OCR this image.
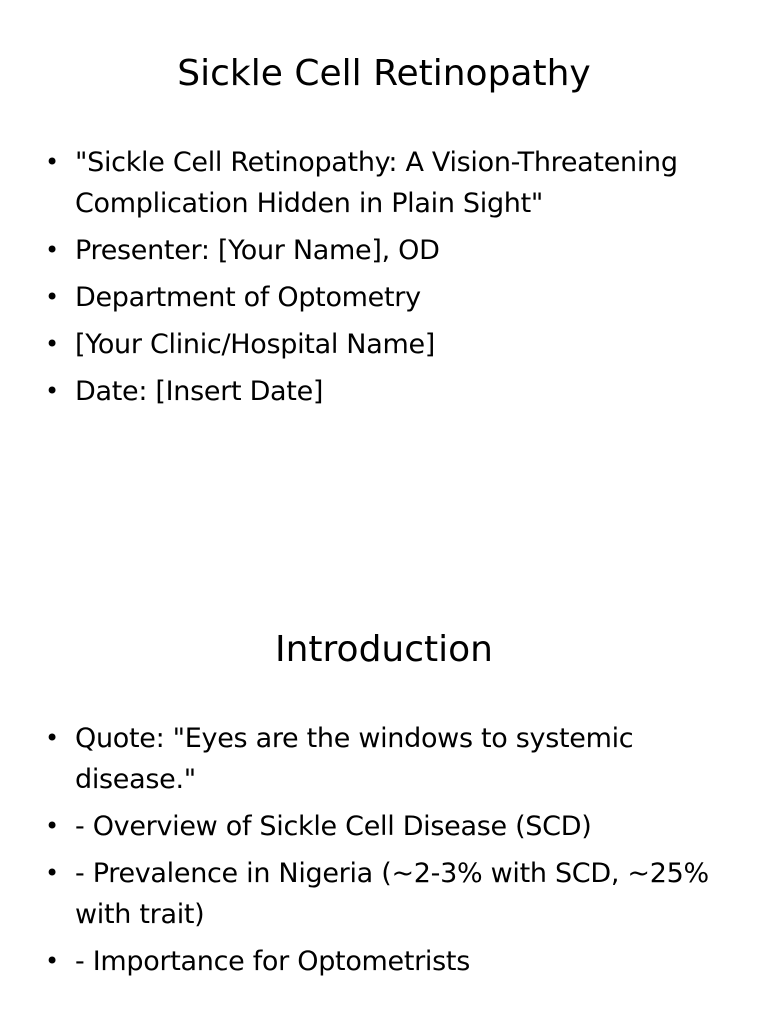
Sickle Cell Retinopathy
• "Sickle Cell Retinopathy: A Vision-Threatening Complication Hidden in Plain Sight"
• Presenter: [Your Name], OD
• Department of Optometry
• [Your Clinic/Hospital Name]
• Date: [Insert Date]
Introduction
• Quote: "Eyes are the windows to systemic disease."
• - Overview of Sickle Cell Disease (SCD)
• - Prevalence in Nigeria (~2-3% with SCD, ~25% with trait)
• - Importance for Optometrists
